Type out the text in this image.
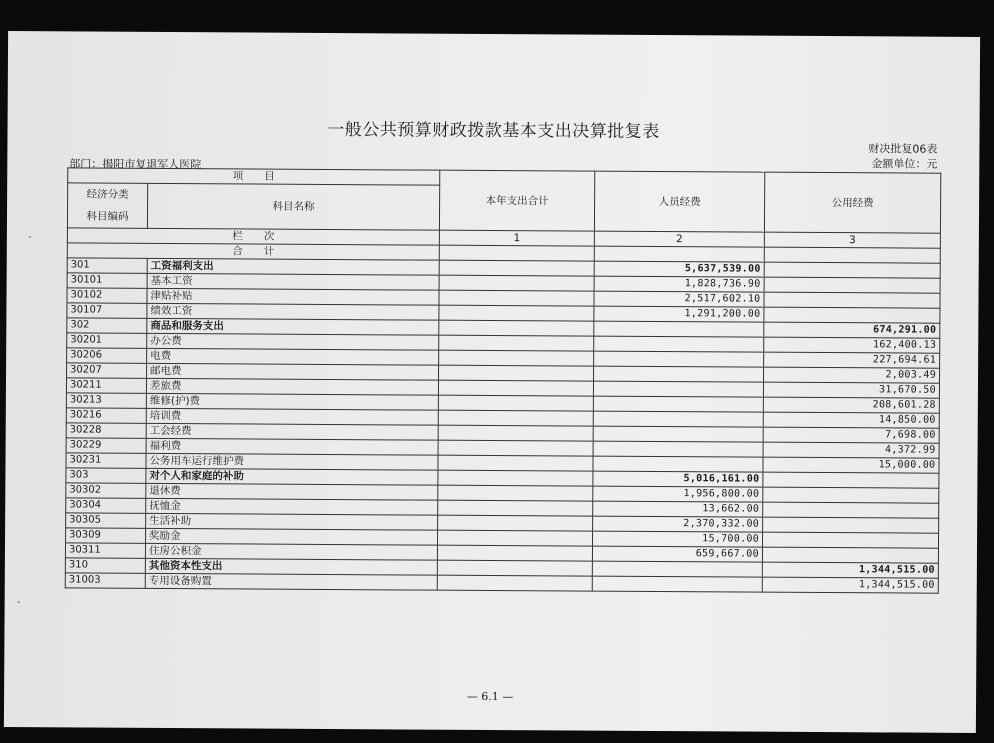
一般公共预算财政拨款基本支出决算批复表
财决批复06表
金额单位：元
部门：揭阳市复退军人医院
项　　目		本年支出合计	人员经费	公用经费
经济分类	科目名称			
科目编码				
栏　　次		1	2	3
合　　计				
301	工资福利支出		5,637,539.00	
30101	基本工资		1,828,736.90	
30102	津贴补贴		2,517,602.10	
30107	绩效工资		1,291,200.00	
302	商品和服务支出			674,291.00
30201	办公费			162,400.13
30206	电费			227,694.61
30207	邮电费			2,003.49
30211	差旅费			31,670.50
30213	维修(护)费			208,601.28
30216	培训费			14,850.00
30228	工会经费			7,698.00
30229	福利费			4,372.99
30231	公务用车运行维护费			15,000.00
303	对个人和家庭的补助		5,016,161.00	
30302	退休费		1,956,800.00	
30304	抚恤金		13,662.00	
30305	生活补助		2,370,332.00	
30309	奖励金		15,700.00	
30311	住房公积金		659,667.00	
310	其他资本性支出			1,344,515.00
31003	专用设备购置			1,344,515.00
— 6.1 —
